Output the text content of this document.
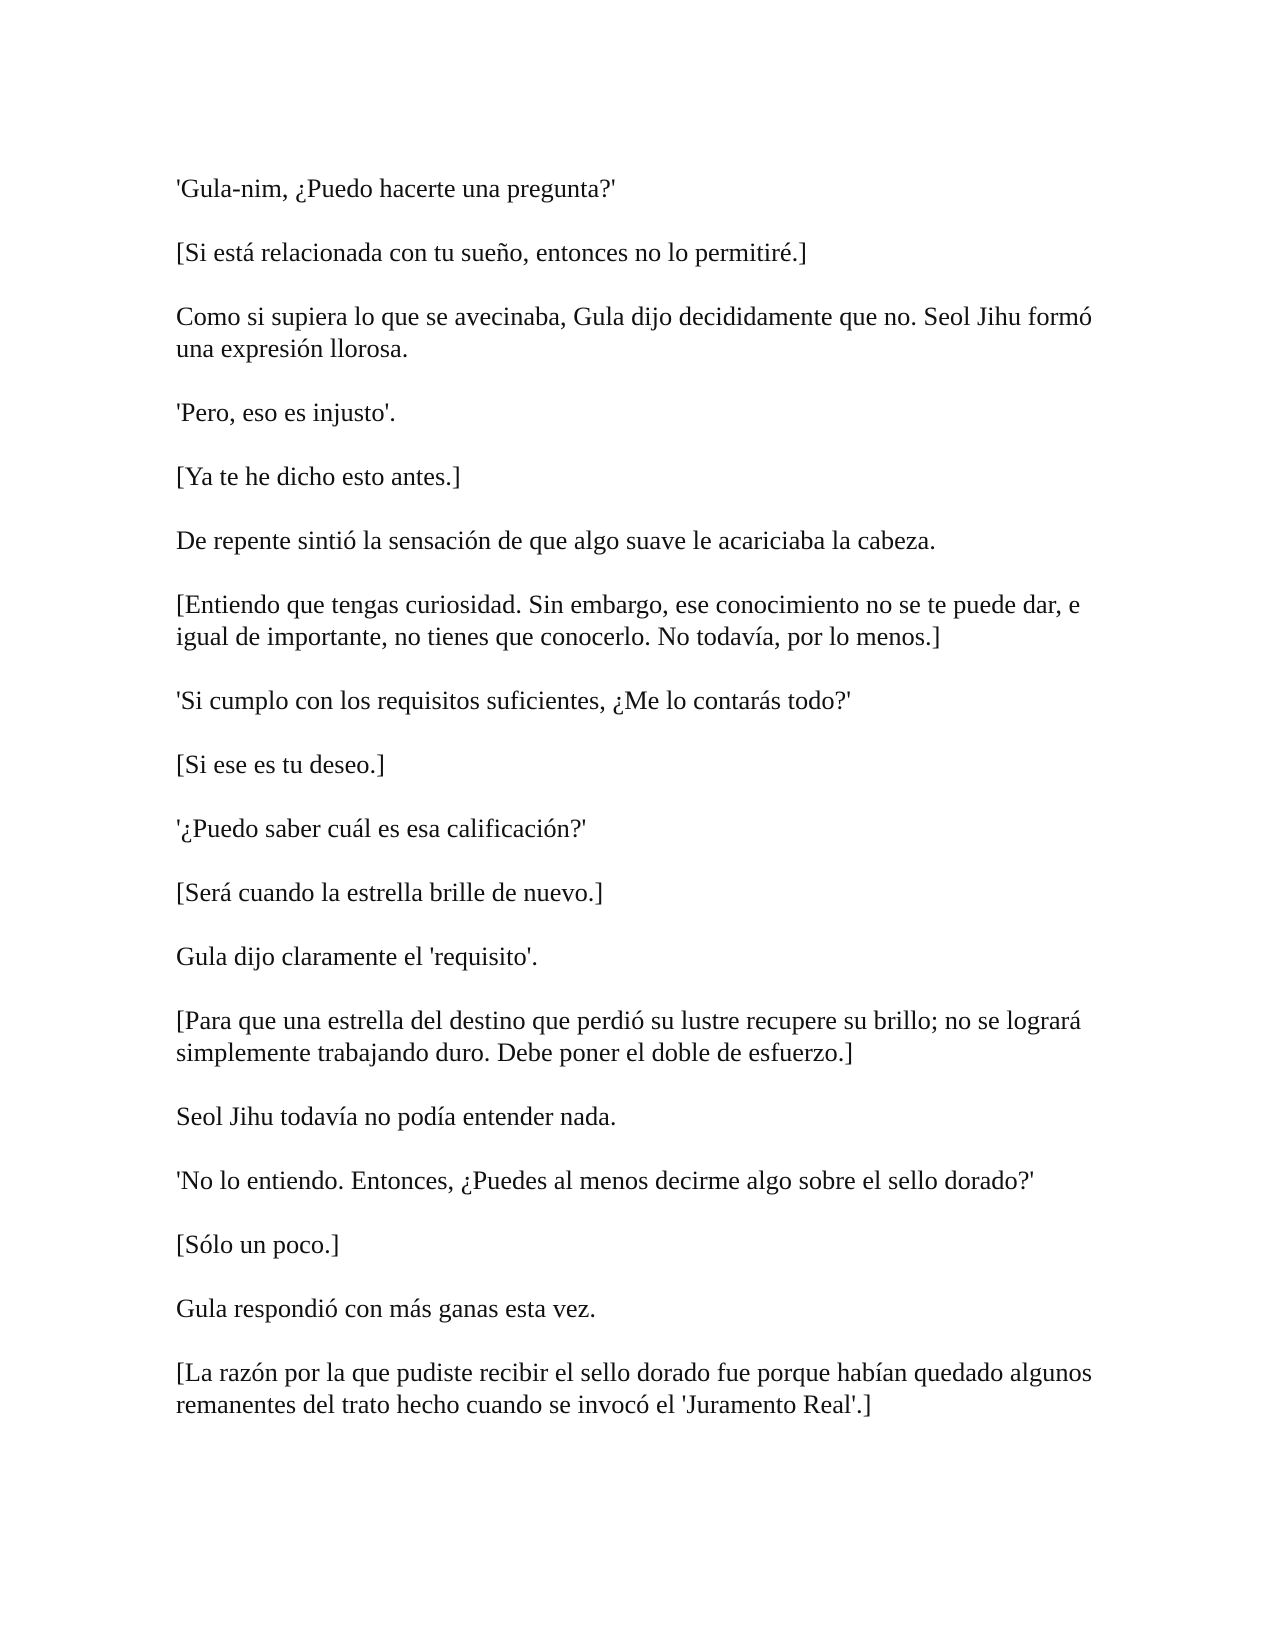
'Gula-nim, ¿Puedo hacerte una pregunta?'

[Si está relacionada con tu sueño, entonces no lo permitiré.]

Como si supiera lo que se avecinaba, Gula dijo decididamente que no. Seol Jihu formó una expresión llorosa.

'Pero, eso es injusto'.

[Ya te he dicho esto antes.]

De repente sintió la sensación de que algo suave le acariciaba la cabeza.

[Entiendo que tengas curiosidad. Sin embargo, ese conocimiento no se te puede dar, e igual de importante, no tienes que conocerlo. No todavía, por lo menos.]

'Si cumplo con los requisitos suficientes, ¿Me lo contarás todo?'

[Si ese es tu deseo.]

'¿Puedo saber cuál es esa calificación?'

[Será cuando la estrella brille de nuevo.]

Gula dijo claramente el 'requisito'.

[Para que una estrella del destino que perdió su lustre recupere su brillo; no se logrará simplemente trabajando duro. Debe poner el doble de esfuerzo.]

Seol Jihu todavía no podía entender nada.

'No lo entiendo. Entonces, ¿Puedes al menos decirme algo sobre el sello dorado?'

[Sólo un poco.]

Gula respondió con más ganas esta vez.

[La razón por la que pudiste recibir el sello dorado fue porque habían quedado algunos remanentes del trato hecho cuando se invocó el 'Juramento Real'.]
